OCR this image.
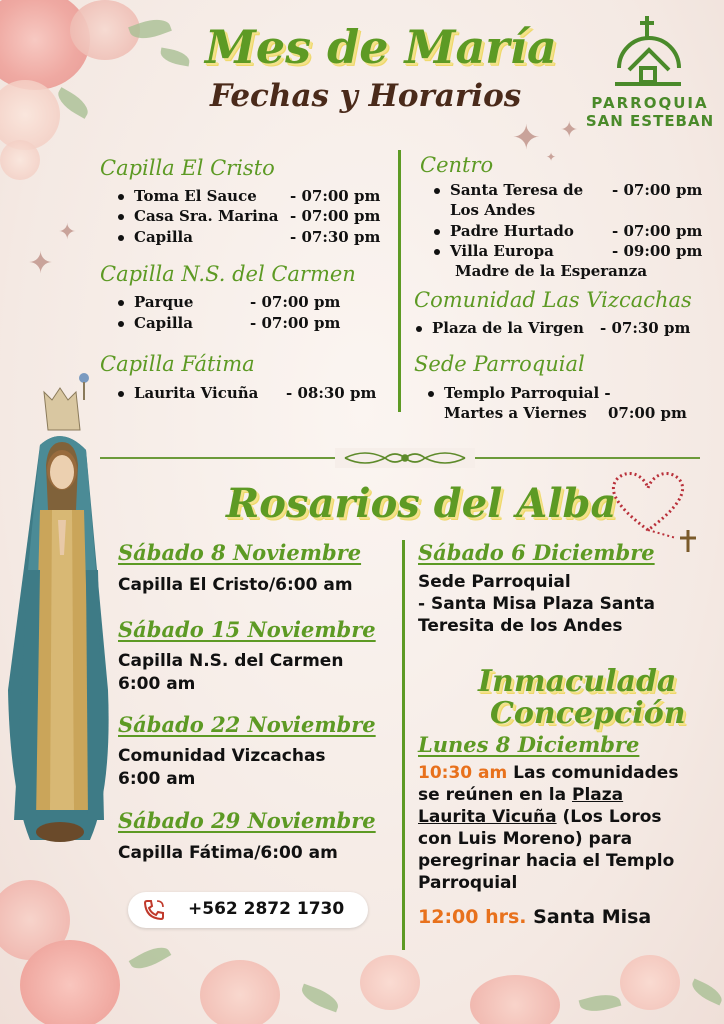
✦ ✦
✦
✦
✦
Mes de María
Fechas y Horarios	PARROQUIA
SAN ESTEBAN
Capilla El Cristo
Toma El Sauce - 07:00 pm
Casa Sra. Marina - 07:00 pm
Capilla	- 07:30 pm
Capilla N.S. del Carmen
Parque	- 07:00 pm
Capilla	- 07:00 pm
Capilla Fátima
Laurita Vicuña - 08:30 pm
Centro
Santa Teresa de - 07:00 pm
Los Andes
Padre Hurtado	- 07:00 pm
Villa Europa	- 09:00 pm
Madre de la Esperanza
Comunidad Las Vizcachas
Plaza de la Virgen - 07:30 pm
Sede Parroquial
Templo Parroquial -
Martes a Viernes 07:00 pm
Rosarios del Alba
Sábado 8 Noviembre
Capilla El Cristo/6:00 am
Sábado 15 Noviembre
Capilla N.S. del Carmen
6:00 am
Sábado 22 Noviembre
Comunidad Vizcachas
6:00 am
Sábado 29 Noviembre
Capilla Fátima/6:00 am
Sábado 6 Diciembre
Sede Parroquial
- Santa Misa Plaza Santa
Teresita de los Andes
Inmaculada
Concepción
Lunes 8 Diciembre
10:30 am Las comunidades
se reúnen en la Plaza
Laurita Vicuña (Los Loros
con Luis Moreno) para
peregrinar hacia el Templo
Parroquial
12:00 hrs. Santa Misa
+562 2872 1730
